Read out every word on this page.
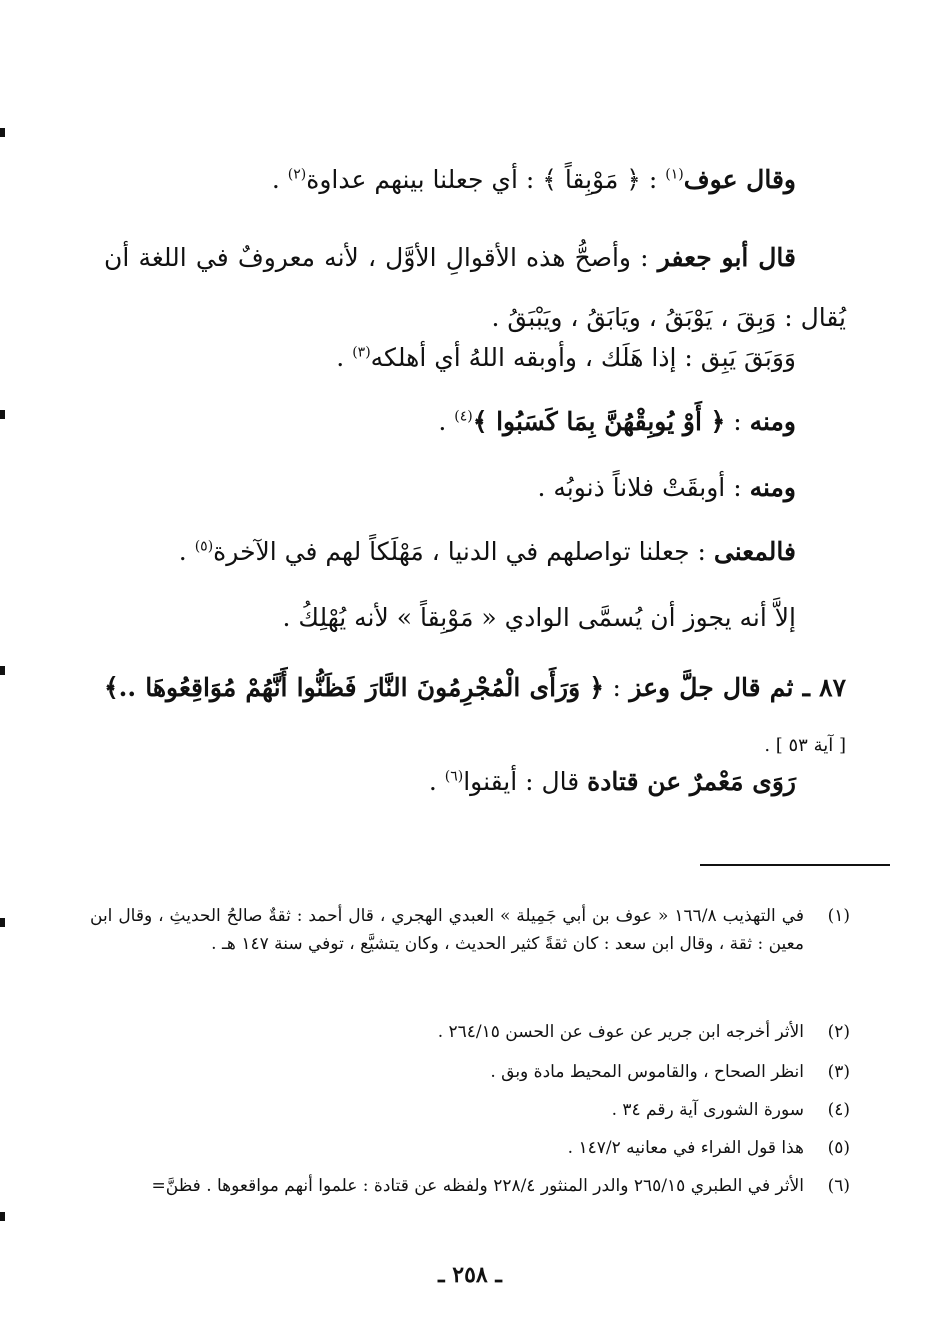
وقال عوف$^{(١)}$ : ﴿ مَوْبِقاً ﴾ : أي جعلنا بينهم عداوة$^{(٢)}$ .
قال أبو جعفر : وأصحُّ هذه الأقوالِ الأوَّل ، لأنه معروفٌ في اللغة أن يُقال : وَبِقَ ، يَوْبَقُ ، ويَابَقُ ، ويَبْبَقُ .
وَوَبَقَ يَبِق : إذا هَلَك ، وأوبقه اللهُ أي أهلكه$^{(٣)}$ .
ومنه : ﴿ أَوْ يُوبِقْهُنَّ بِمَا كَسَبُوا ﴾$^{(٤)}$ .
ومنه : أوبقَتْ فلاناً ذنوبُه .
فالمعنى : جعلنا تواصلهم في الدنيا ، مَهْلَكاً لهم في الآخرة$^{(٥)}$ .
إلاَّ أنه يجوز أن يُسمَّى الوادي « مَوْبِقاً » لأنه يُهْلِكُ .
٨٧ ـ ثم قال جلَّ وعز : ﴿ وَرَأَى الْمُجْرِمُونَ النَّارَ فَظَنُّوا أَنَّهُمْ مُوَاقِعُوهَا ..﴾ [ آية ٥٣ ] .
رَوَى مَعْمرٌ عن قتادة قال : أيقنوا$^{(٦)}$ .
(١)
في التهذيب ١٦٦/٨ « عوف بن أبي جَمِيلة » العبدي الهجري ، قال أحمد : ثقةٌ صالحُ الحديثِ ، وقال ابن معين : ثقة ، وقال ابن سعد : كان ثقةً كثير الحديث ، وكان يتشيَّع ، توفي سنة ١٤٧ هـ .
(٢)
الأثر أخرجه ابن جرير عن عوف عن الحسن ٢٦٤/١٥ .
(٣)
انظر الصحاح ، والقاموس المحيط مادة وبق .
(٤)
سورة الشورى آية رقم ٣٤ .
(٥)
هذا قول الفراء في معانيه ١٤٧/٢ .
(٦)
الأثر في الطبري ٢٦٥/١٥ والدر المنثور ٢٢٨/٤ ولفظه عن قتادة : علموا أنهم مواقعوها . فظنَّ=
ـ ٢٥٨ ـ
